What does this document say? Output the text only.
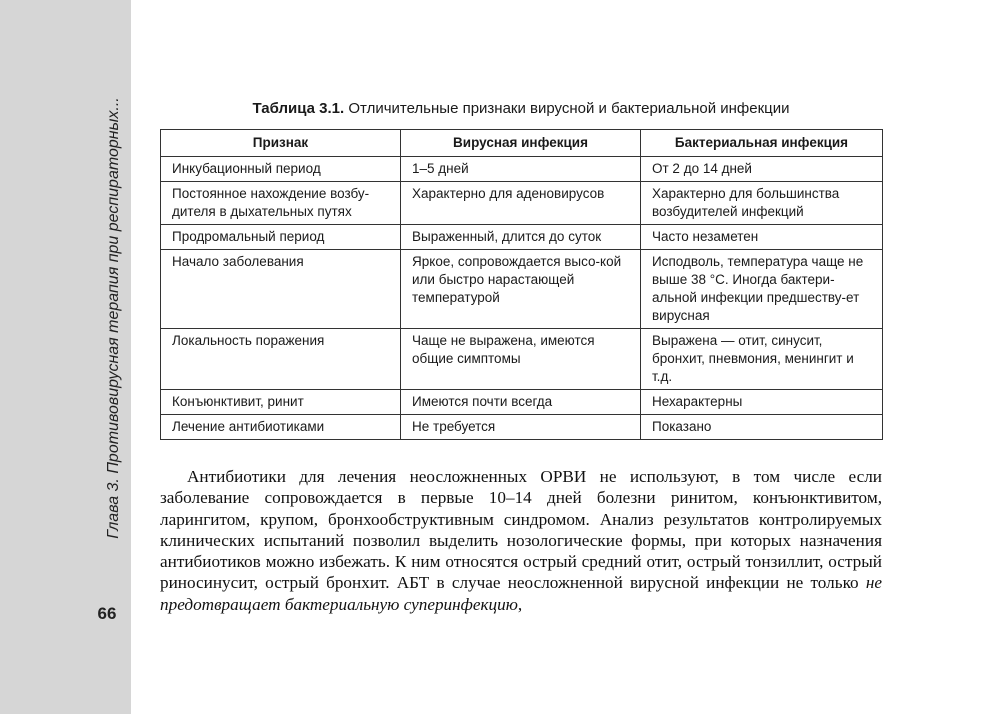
Глава 3. Противовирусная терапия при респираторных...
66
Таблица 3.1. Отличительные признаки вирусной и бактериальной инфекции
Признак	Вирусная инфекция	Бактериальная инфекция
Инкубационный период	1–5 дней	От 2 до 14 дней
Постоянное нахождение возбу-дителя в дыхательных путях	Характерно для аденовирусов	Характерно для большинства возбудителей инфекций
Продромальный период	Выраженный, длится до суток	Часто незаметен
Начало заболевания	Яркое, сопровождается высо-кой или быстро нарастающей температурой	Исподволь, температура чаще не выше 38 °С. Иногда бактери-альной инфекции предшеству-ет вирусная
Локальность поражения	Чаще не выражена, имеются общие симптомы	Выражена — отит, синусит, бронхит, пневмония, менингит и т.д.
Конъюнктивит, ринит	Имеются почти всегда	Нехарактерны
Лечение антибиотиками	Не требуется	Показано

Антибиотики для лечения неосложненных ОРВИ не используют, в том числе если заболевание сопровождается в первые 10–14 дней болезни ринитом, конъюнктивитом, ларингитом, крупом, бронхообструктивным синдромом. Анализ результатов контролируемых клинических испытаний позволил выделить нозологические формы, при которых назначения антибиотиков можно избежать. К ним относятся острый средний отит, острый тонзиллит, острый риносинусит, острый бронхит. АБТ в случае неосложненной вирусной инфекции не только не предотвращает бактериальную суперинфекцию,
